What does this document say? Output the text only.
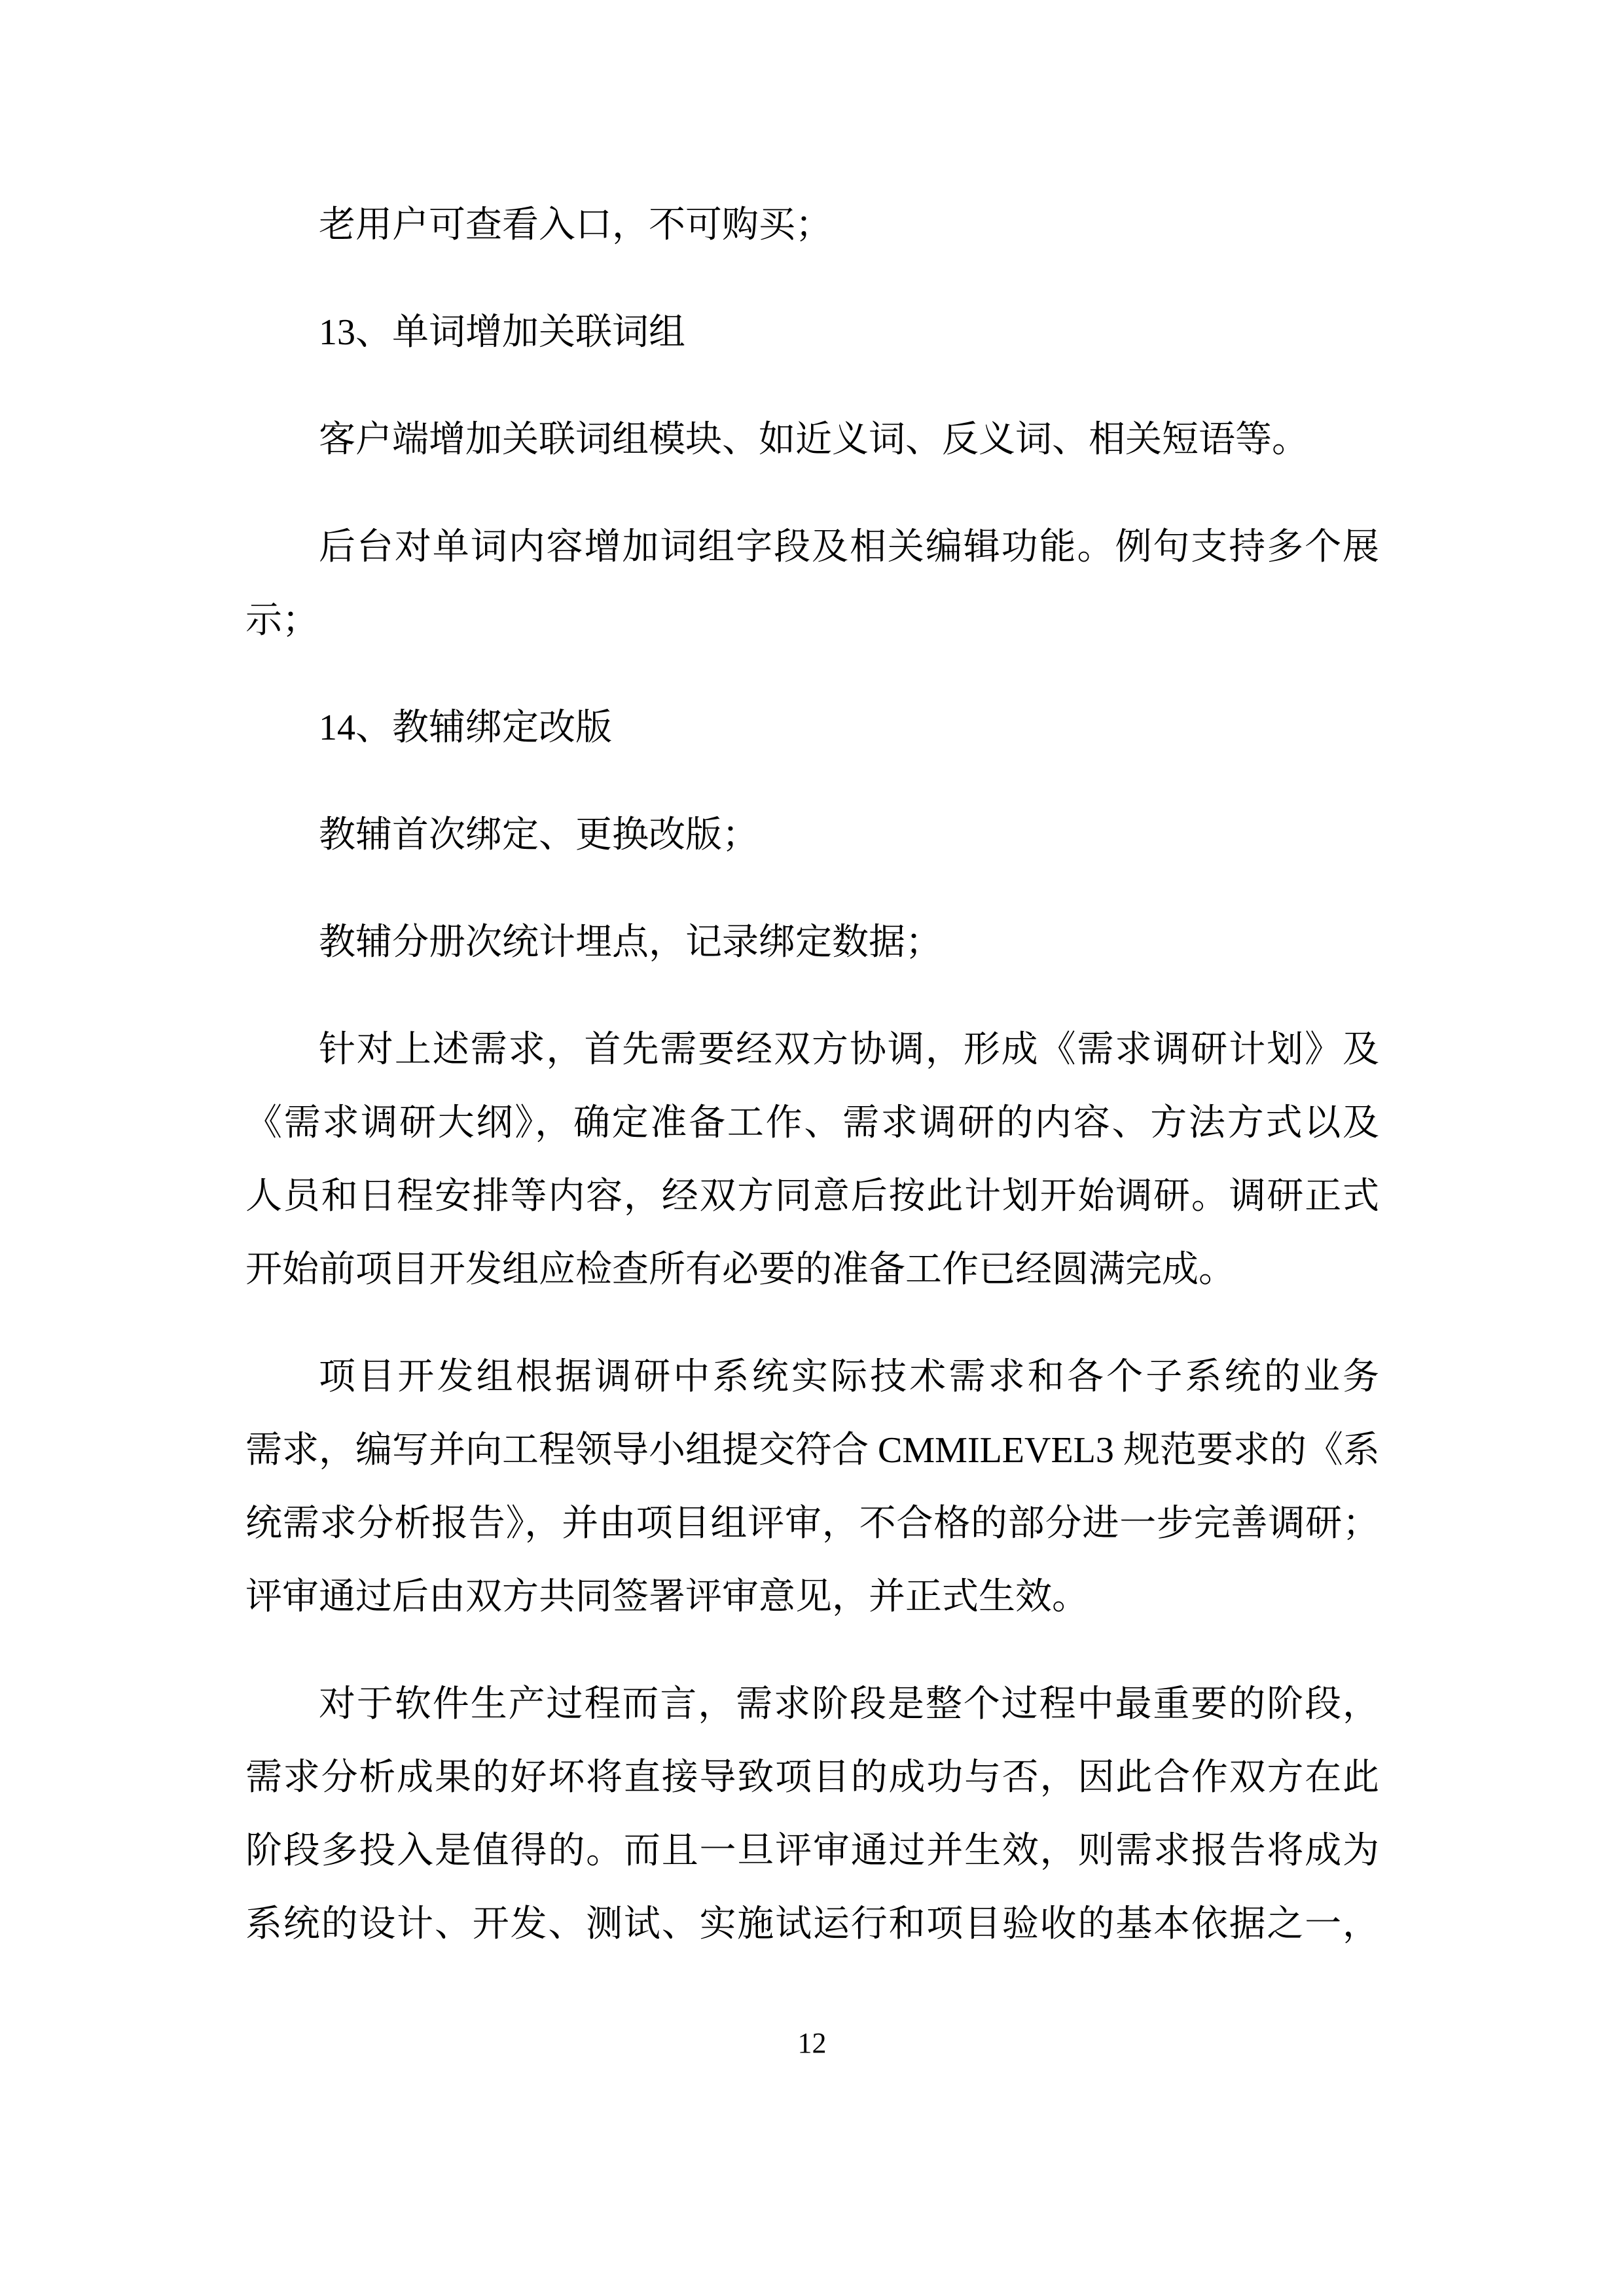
老用户可查看入口，不可购买；
13、单词增加关联词组
客户端增加关联词组模块、如近义词、反义词、相关短语等。
后台对单词内容增加词组字段及相关编辑功能。例句支持多个展
示；
14、教辅绑定改版
教辅首次绑定、更换改版；
教辅分册次统计埋点，记录绑定数据；
针对上述需求，首先需要经双方协调，形成《需求调研计划》及
《需求调研大纲》，确定准备工作、需求调研的内容、方法方式以及
人员和日程安排等内容，经双方同意后按此计划开始调研。调研正式
开始前项目开发组应检查所有必要的准备工作已经圆满完成。
项目开发组根据调研中系统实际技术需求和各个子系统的业务
需求，编写并向工程领导小组提交符合 CMMILEVEL3 规范要求的《系
统需求分析报告》，并由项目组评审，不合格的部分进一步完善调研；
评审通过后由双方共同签署评审意见，并正式生效。
对于软件生产过程而言，需求阶段是整个过程中最重要的阶段，
需求分析成果的好坏将直接导致项目的成功与否，因此合作双方在此
阶段多投入是值得的。而且一旦评审通过并生效，则需求报告将成为
系统的设计、开发、测试、实施试运行和项目验收的基本依据之一，
12
